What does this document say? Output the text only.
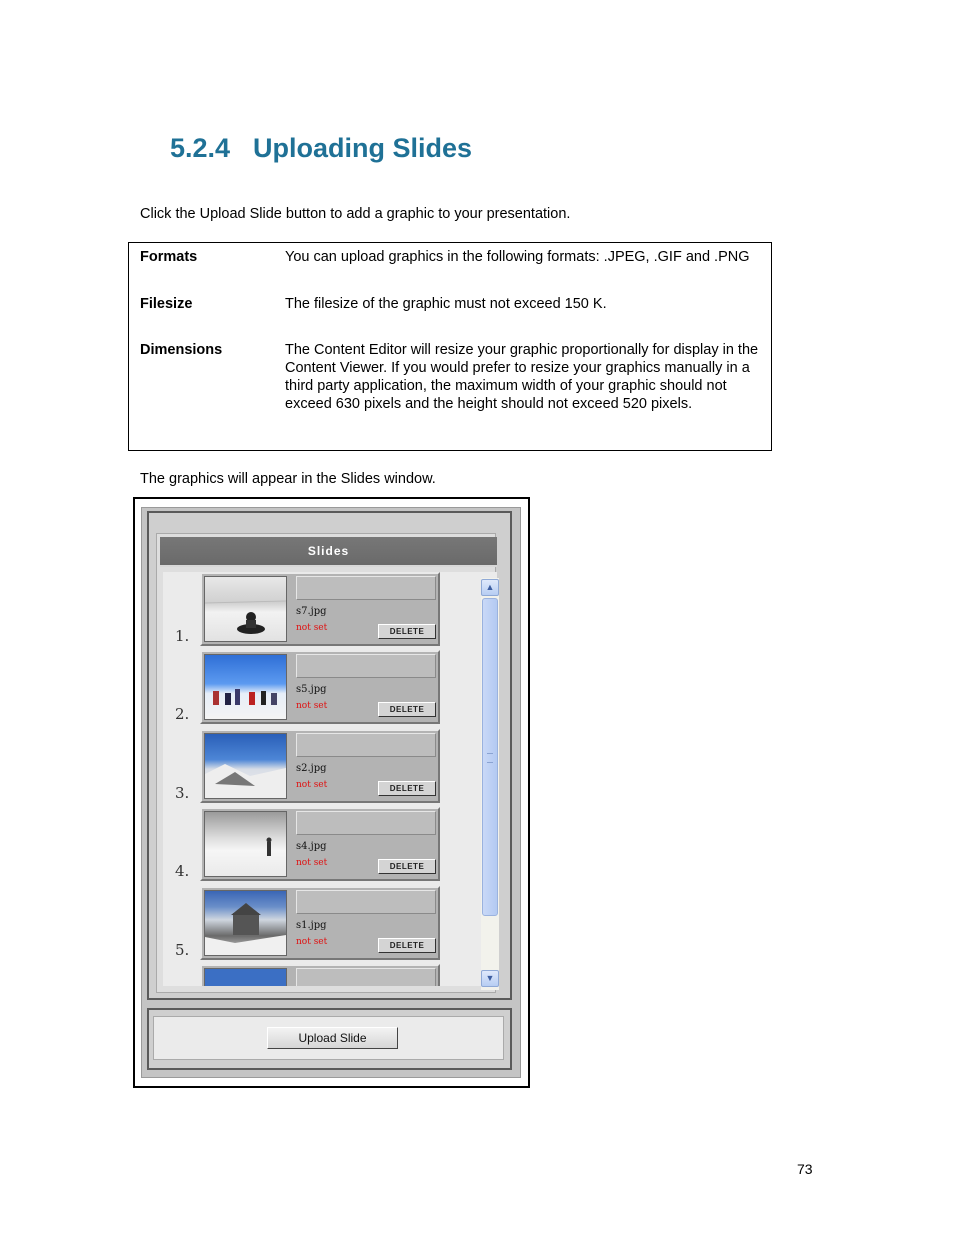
5.2.4 Uploading Slides
Click the Upload Slide button to add a graphic to your presentation.
Formats	You can upload graphics in the following formats: .JPEG, .GIF and .PNG
Filesize	The filesize of the graphic must not exceed 150 K.
Dimensions	The Content Editor will resize your graphic proportionally for display in the Content Viewer. If you would prefer to resize your graphics manually in a third party application, the maximum width of your graphic should not exceed 630 pixels and the height should not exceed 520 pixels.
The graphics will appear in the Slides window.
Slides
1.
s7.jpg
not set	DELETE
2.
s5.jpg
not set	DELETE
3.
s2.jpg
not set	DELETE
4.
s4.jpg
not set	DELETE
5.
s1.jpg
not set	DELETE
▲
▼
Upload Slide
73
